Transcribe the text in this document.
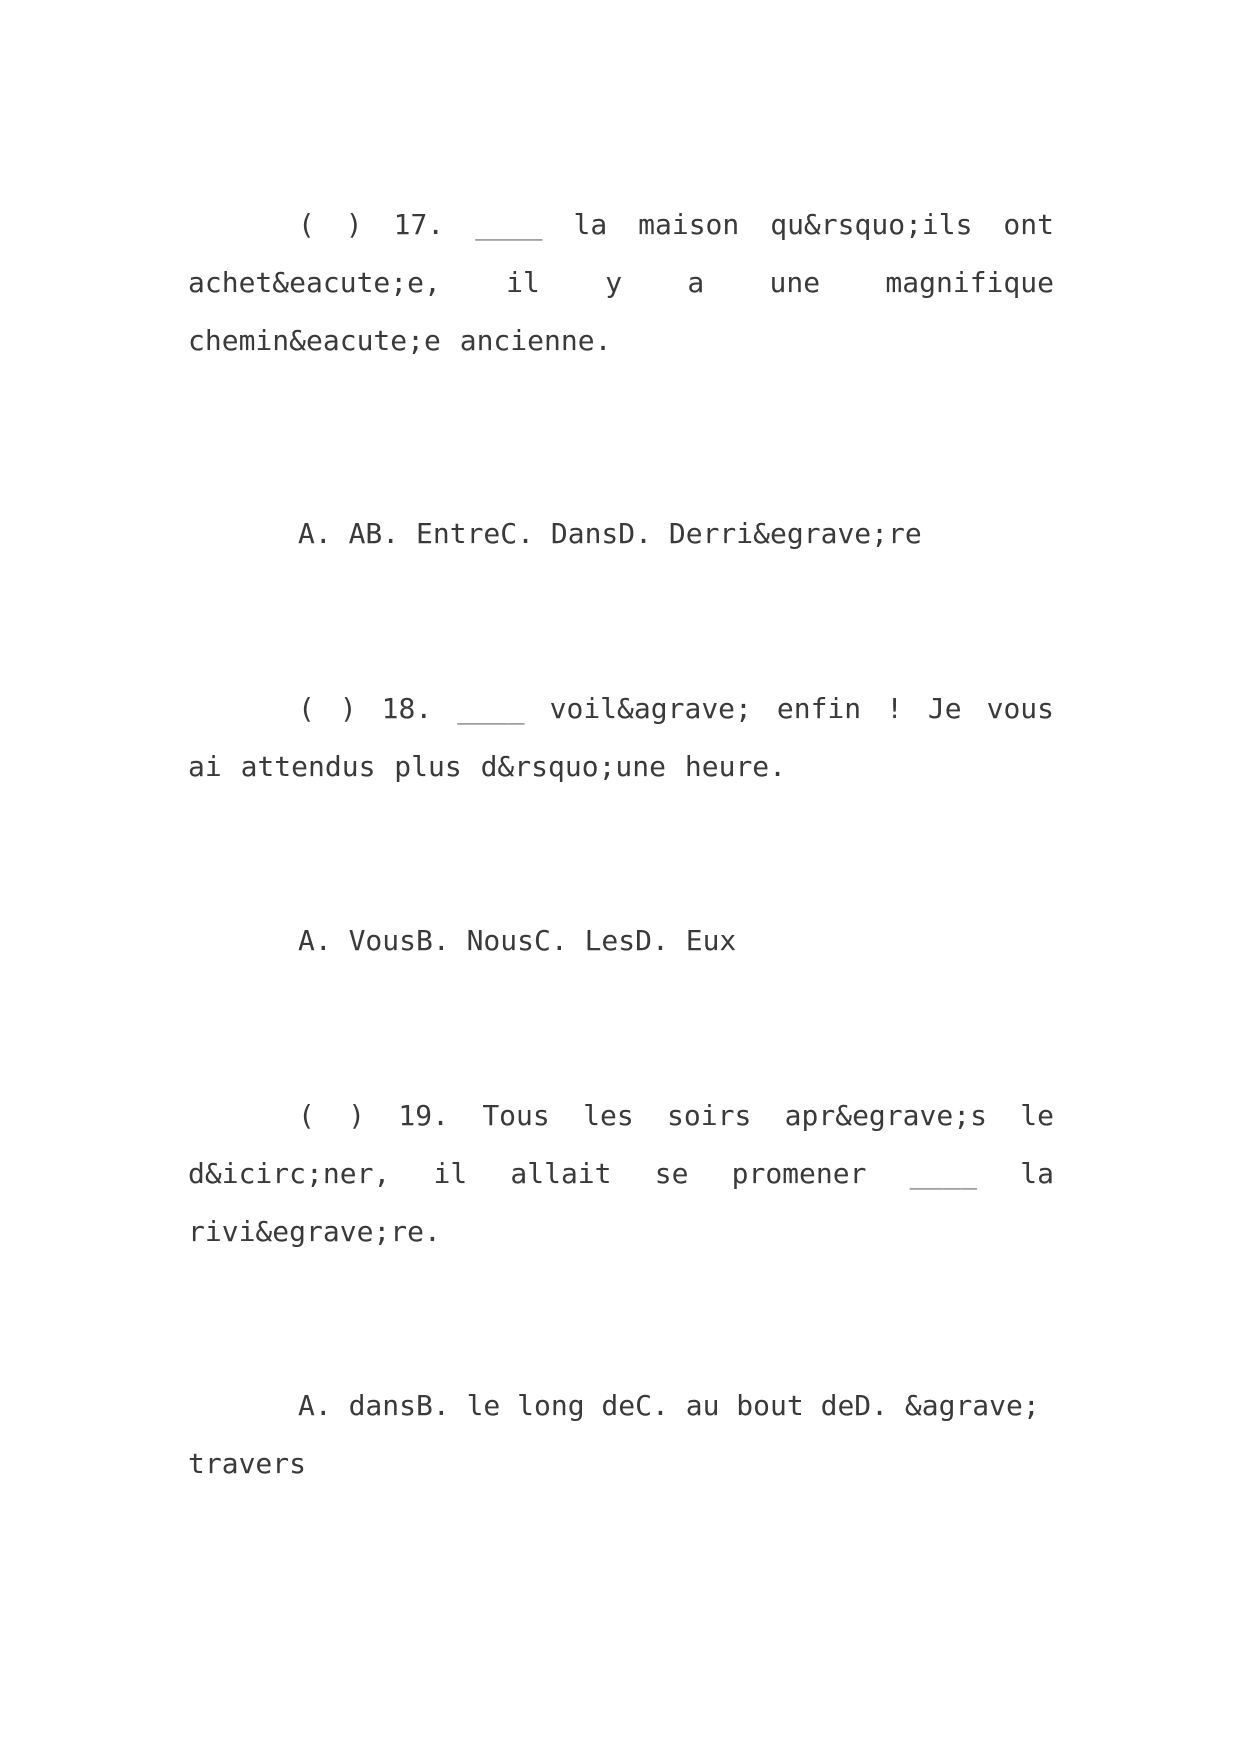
( ) 17. ____ la maison qu&rsquo;ils ont achet&eacute;e, il y a une magnifique chemin&eacute;e ancienne.
A. AB. EntreC. DansD. Derri&egrave;re
( ) 18. ____ voil&agrave; enfin ! Je vous ai attendus plus d&rsquo;une heure.
A. VousB. NousC. LesD. Eux
( ) 19. Tous les soirs apr&egrave;s le d&icirc;ner, il allait se promener ____ la rivi&egrave;re.
A. dansB. le long deC. au bout deD. &agrave; travers
